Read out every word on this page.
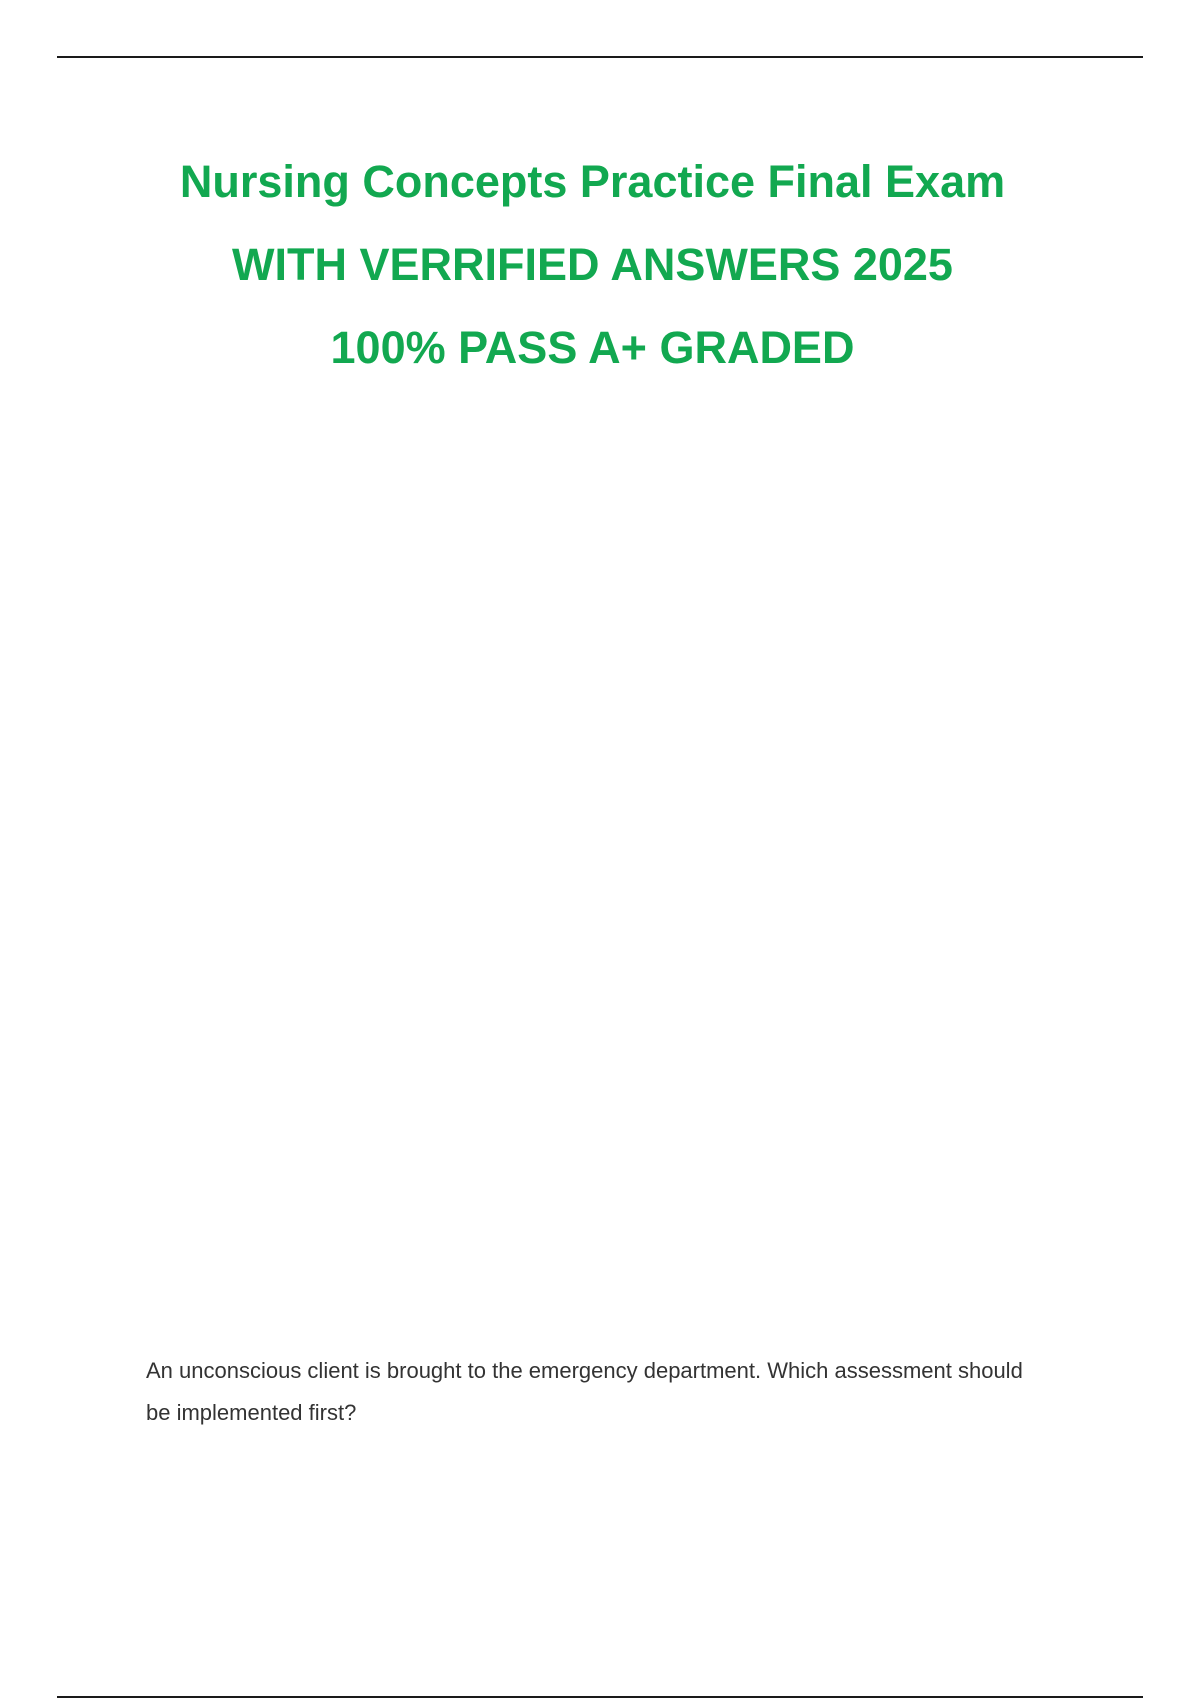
Nursing Concepts Practice Final Exam
WITH VERRIFIED ANSWERS 2025
100% PASS A+ GRADED

An unconscious client is brought to the emergency department. Which assessment should be implemented first?
